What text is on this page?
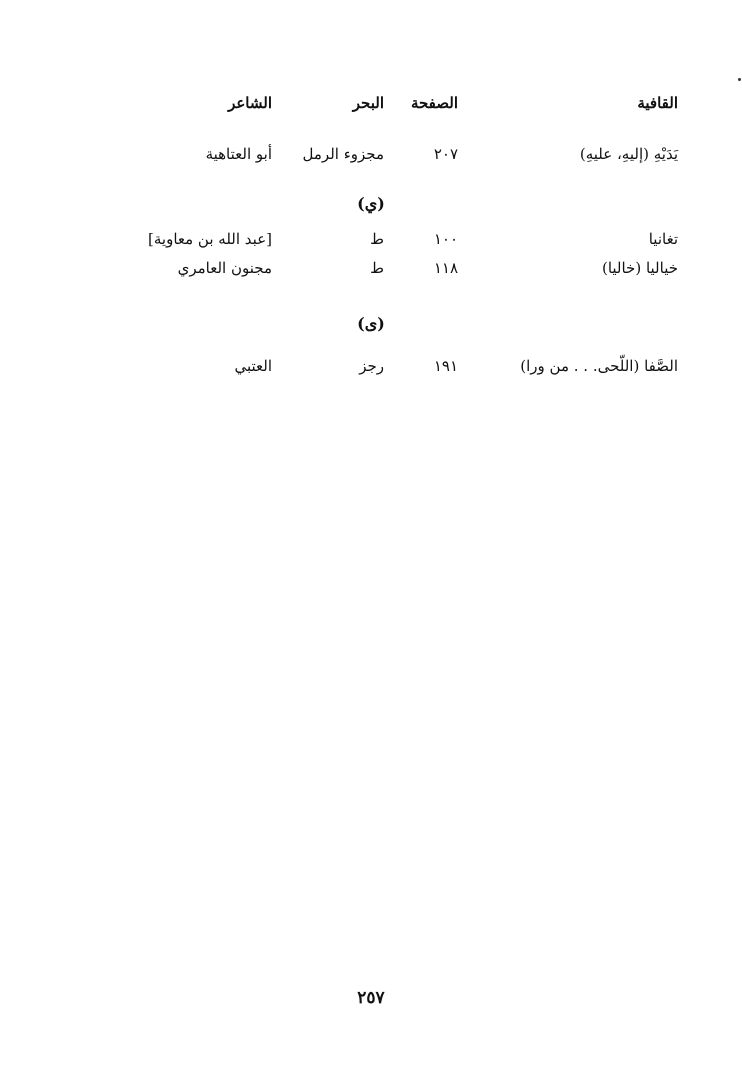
القافية
الصفحة
البحر
الشاعر
يَدَيْهِ (إليهِ، عليهِ)
٢٠٧
مجزوء الرمل
أبو العتاهية
(ي)
تغانيا
١٠٠
ط
[عبد الله بن معاوية]
خياليا (خاليا)
١١٨
ط
مجنون العامري
(ى)
الصَّفا (اللّحى. . . من ورا)
١٩١
رجز
العتبي
٢٥٧
